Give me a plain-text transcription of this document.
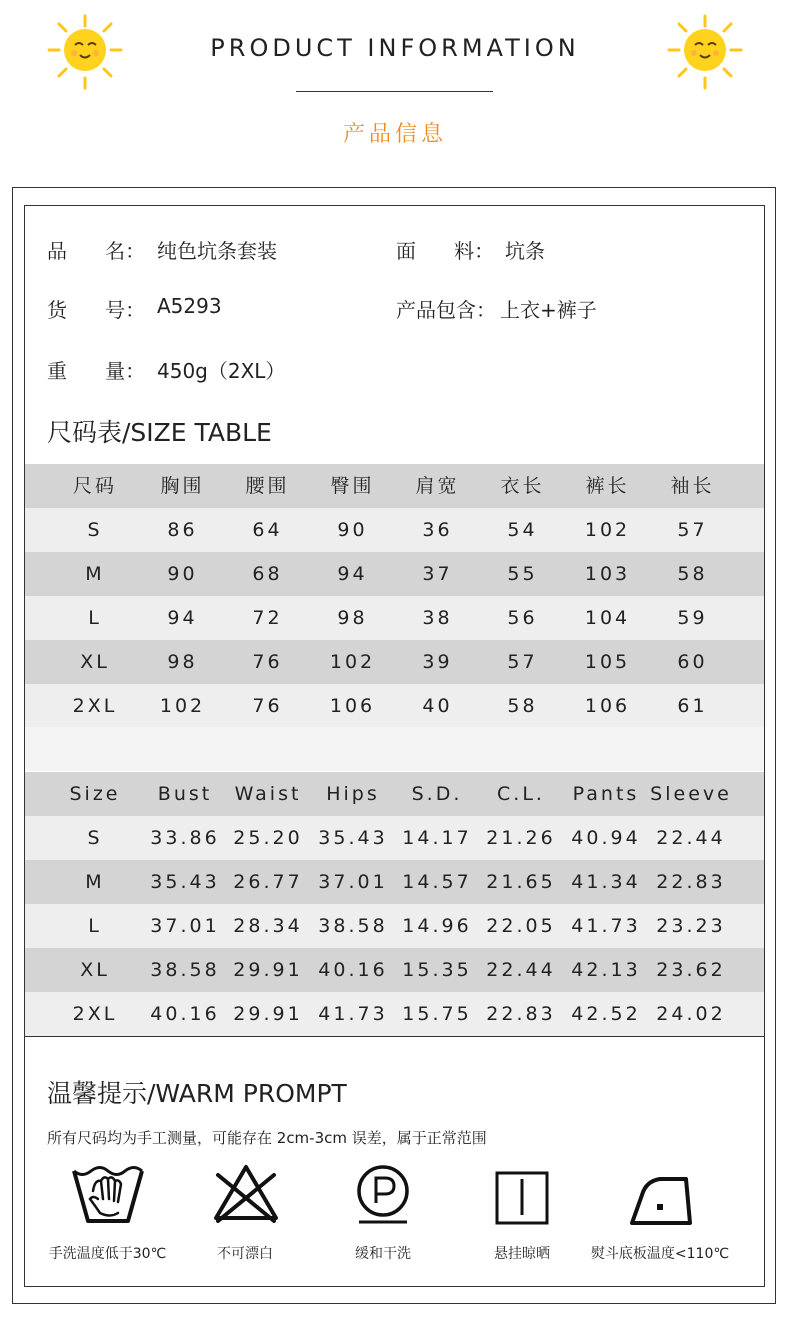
PRODUCT INFORMATION
产品信息
品      名： 纯色坑条套装	面      料： 坑条
货      号： A5293	产品包含： 上衣+裤子
重      量： 450g（2XL）
尺码表/SIZE TABLE
尺码	胸围	腰围	臀围	肩宽	衣长	裤长	袖长
S	86	64	90	36	54	102	57
M	90	68	94	37	55	103	58
L	94	72	98	38	56	104	59
XL	98	76	102	39	57	105	60
2XL	102	76	106	40	58	106	61
Size	Bust	Waist	Hips	S.D.	C.L.	Pants Sleeve
S	33.86 25.20 35.43 14.17 21.26 40.94 22.44
M	35.43 26.77 37.01 14.57 21.65 41.34 22.83
L	37.01 28.34 38.58 14.96 22.05 41.73 23.23
XL	38.58 29.91 40.16 15.35 22.44 42.13 23.62
2XL	40.16 29.91 41.73 15.75 22.83 42.52 24.02
温馨提示/WARM PROMPT
所有尺码均为手工测量，可能存在 2cm-3cm 误差，属于正常范围
手洗温度低于30℃	不可漂白	缓和干洗	悬挂晾晒	熨斗底板温度<110℃
